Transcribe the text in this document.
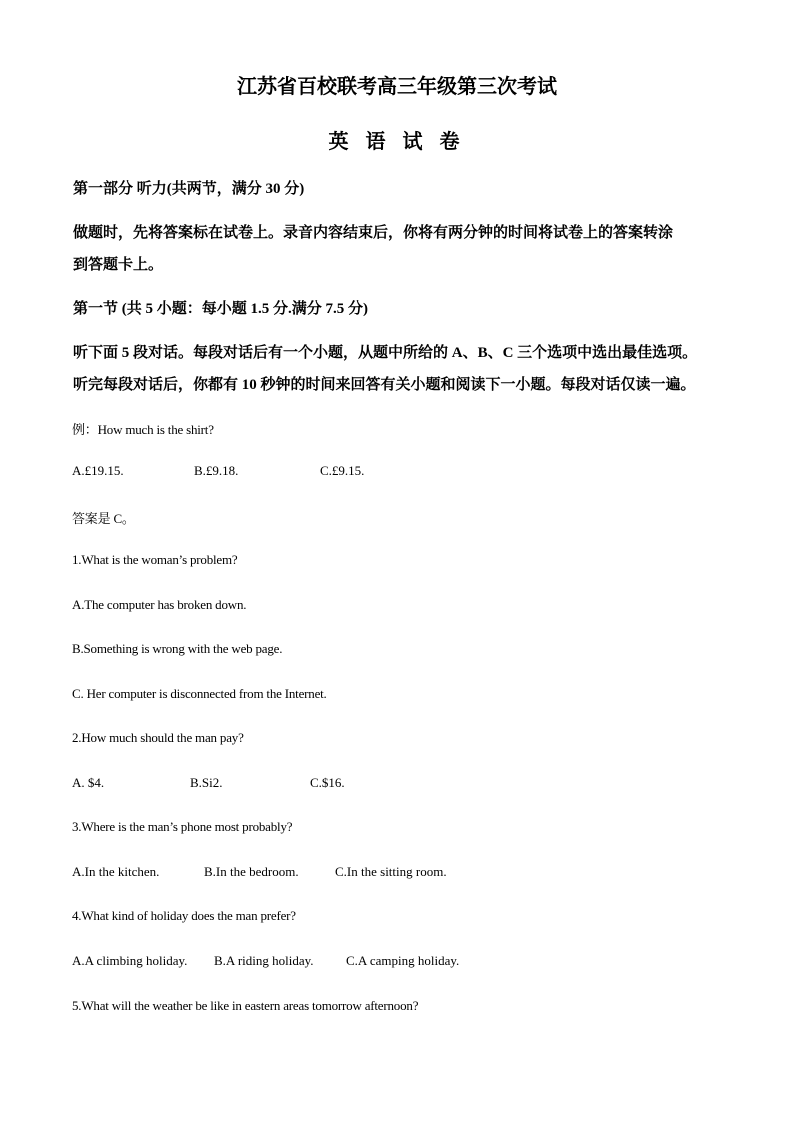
江苏省百校联考高三年级第三次考试
英 语 试 卷
第一部分 听力(共两节，满分 30 分)
做题时，先将答案标在试卷上。录音内容结束后，你将有两分钟的时间将试卷上的答案转涂
到答题卡上。
第一节 (共 5 小题：每小题 1.5 分.满分 7.5 分)
听下面 5 段对话。每段对话后有一个小题，从题中所给的 A、B、C 三个选项中选出最佳选项。
听完每段对话后，你都有 10 秒钟的时间来回答有关小题和阅读下一小题。每段对话仅读一遍。
例：How much is the shirt?
A.£19.15.	B.£9.18.	C.£9.15.
答案是 C。
1.What is the woman’s problem?
A.The computer has broken down.
B.Something is wrong with the web page.
C. Her computer is disconnected from the Internet.
2.How much should the man pay?
A. $4.	B.Si2.	C.$16.
3.Where is the man’s phone most probably?
A.In the kitchen.	B.In the bedroom.	C.In the sitting room.
4.What kind of holiday does the man prefer?
A.A climbing holiday. B.A riding holiday. C.A camping holiday.
5.What will the weather be like in eastern areas tomorrow afternoon?
